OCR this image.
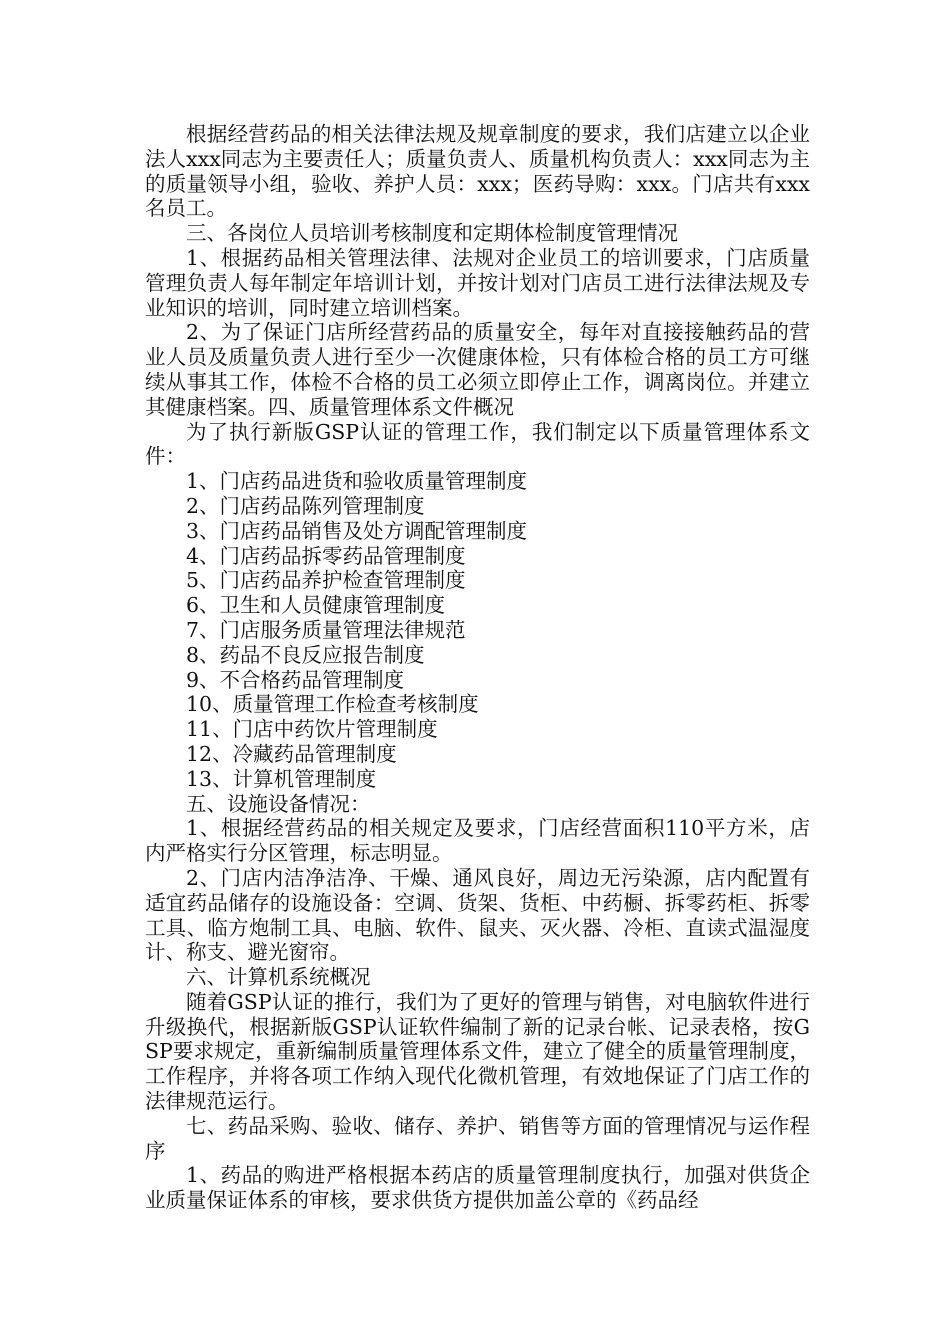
根据经营药品的相关法律法规及规章制度的要求，我们店建立以企业法人xxx同志为主要责任人；质量负责人、质量机构负责人：xxx同志为主的质量领导小组，验收、养护人员：xxx；医药导购：xxx。门店共有xxx名员工。

三、各岗位人员培训考核制度和定期体检制度管理情况

1、根据药品相关管理法律、法规对企业员工的培训要求，门店质量管理负责人每年制定年培训计划，并按计划对门店员工进行法律法规及专业知识的培训，同时建立培训档案。

2、为了保证门店所经营药品的质量安全，每年对直接接触药品的营业人员及质量负责人进行至少一次健康体检，只有体检合格的员工方可继续从事其工作，体检不合格的员工必须立即停止工作，调离岗位。并建立其健康档案。四、质量管理体系文件概况

为了执行新版GSP认证的管理工作，我们制定以下质量管理体系文件：

1、门店药品进货和验收质量管理制度

2、门店药品陈列管理制度

3、门店药品销售及处方调配管理制度

4、门店药品拆零药品管理制度

5、门店药品养护检查管理制度

6、卫生和人员健康管理制度

7、门店服务质量管理法律规范

8、药品不良反应报告制度

9、不合格药品管理制度

10、质量管理工作检查考核制度

11、门店中药饮片管理制度

12、冷藏药品管理制度

13、计算机管理制度

五、设施设备情况：

1、根据经营药品的相关规定及要求，门店经营面积110平方米，店内严格实行分区管理，标志明显。

2、门店内洁净洁净、干燥、通风良好，周边无污染源，店内配置有适宜药品储存的设施设备：空调、货架、货柜、中药橱、拆零药柜、拆零工具、临方炮制工具、电脑、软件、鼠夹、灭火器、冷柜、直读式温湿度计、称支、避光窗帘。

六、计算机系统概况

随着GSP认证的推行，我们为了更好的管理与销售，对电脑软件进行升级换代，根据新版GSP认证软件编制了新的记录台帐、记录表格，按GSP要求规定，重新编制质量管理体系文件，建立了健全的质量管理制度，工作程序，并将各项工作纳入现代化微机管理，有效地保证了门店工作的法律规范运行。

七、药品采购、验收、储存、养护、销售等方面的管理情况与运作程序

1、药品的购进严格根据本药店的质量管理制度执行，加强对供货企业质量保证体系的审核，要求供货方提供加盖公章的《药品经
